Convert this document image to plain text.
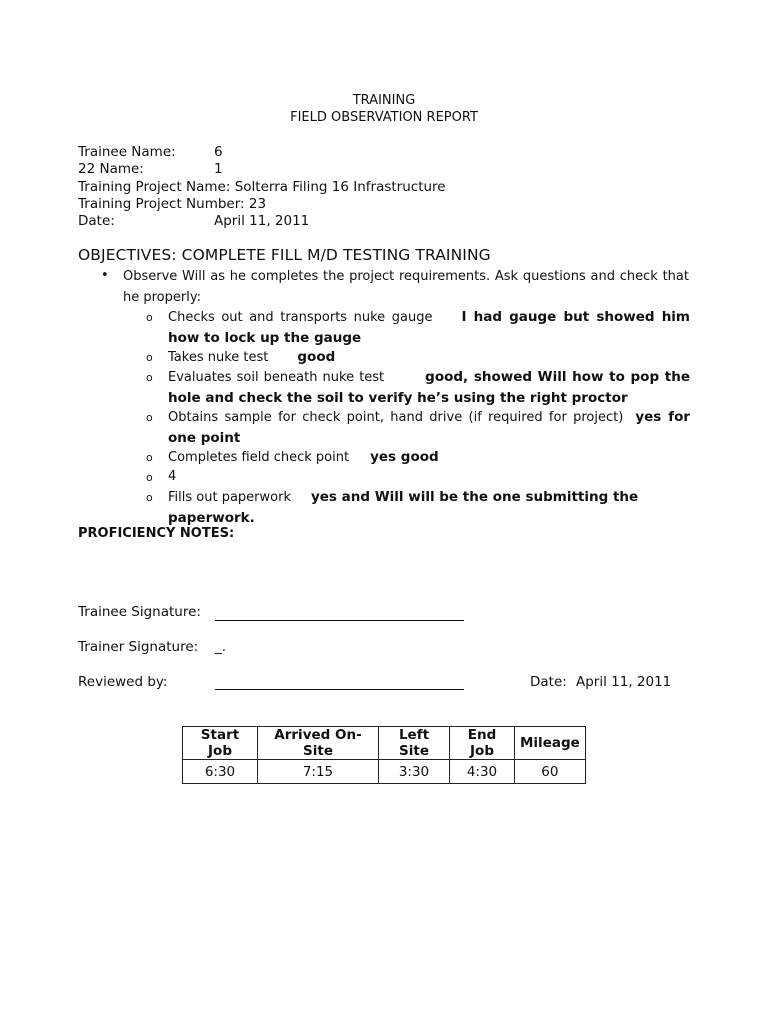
TRAINING
FIELD OBSERVATION REPORT
Trainee Name:	6
22 Name:	1
Training Project Name: Solterra Filing 16 Infrastructure
Training Project Number: 23
Date:	April 11, 2011
OBJECTIVES: COMPLETE FILL M/D TESTING TRAINING
• Observe Will as he completes the project requirements. Ask questions and check that he properly:
o Checks out and transports nuke gauge I had gauge but showed him how to lock up the gauge
o Takes nuke test good
o Evaluates soil beneath nuke test	good, showed Will how to pop the hole and check the soil to verify he’s using the right proctor
o Obtains sample for check point, hand drive (if required for project) yes for one point
o Completes field check point yes good
o 4
o Fills out paperwork yes and Will will be the one submitting the paperwork.
PROFICIENCY NOTES:
Trainee Signature:
Trainer Signature: _.
Reviewed by:	Date: April 11, 2011
Start Job	Arrived On-Site	Left Site	End Job	Mileage
6:30	7:15	3:30	4:30	60
